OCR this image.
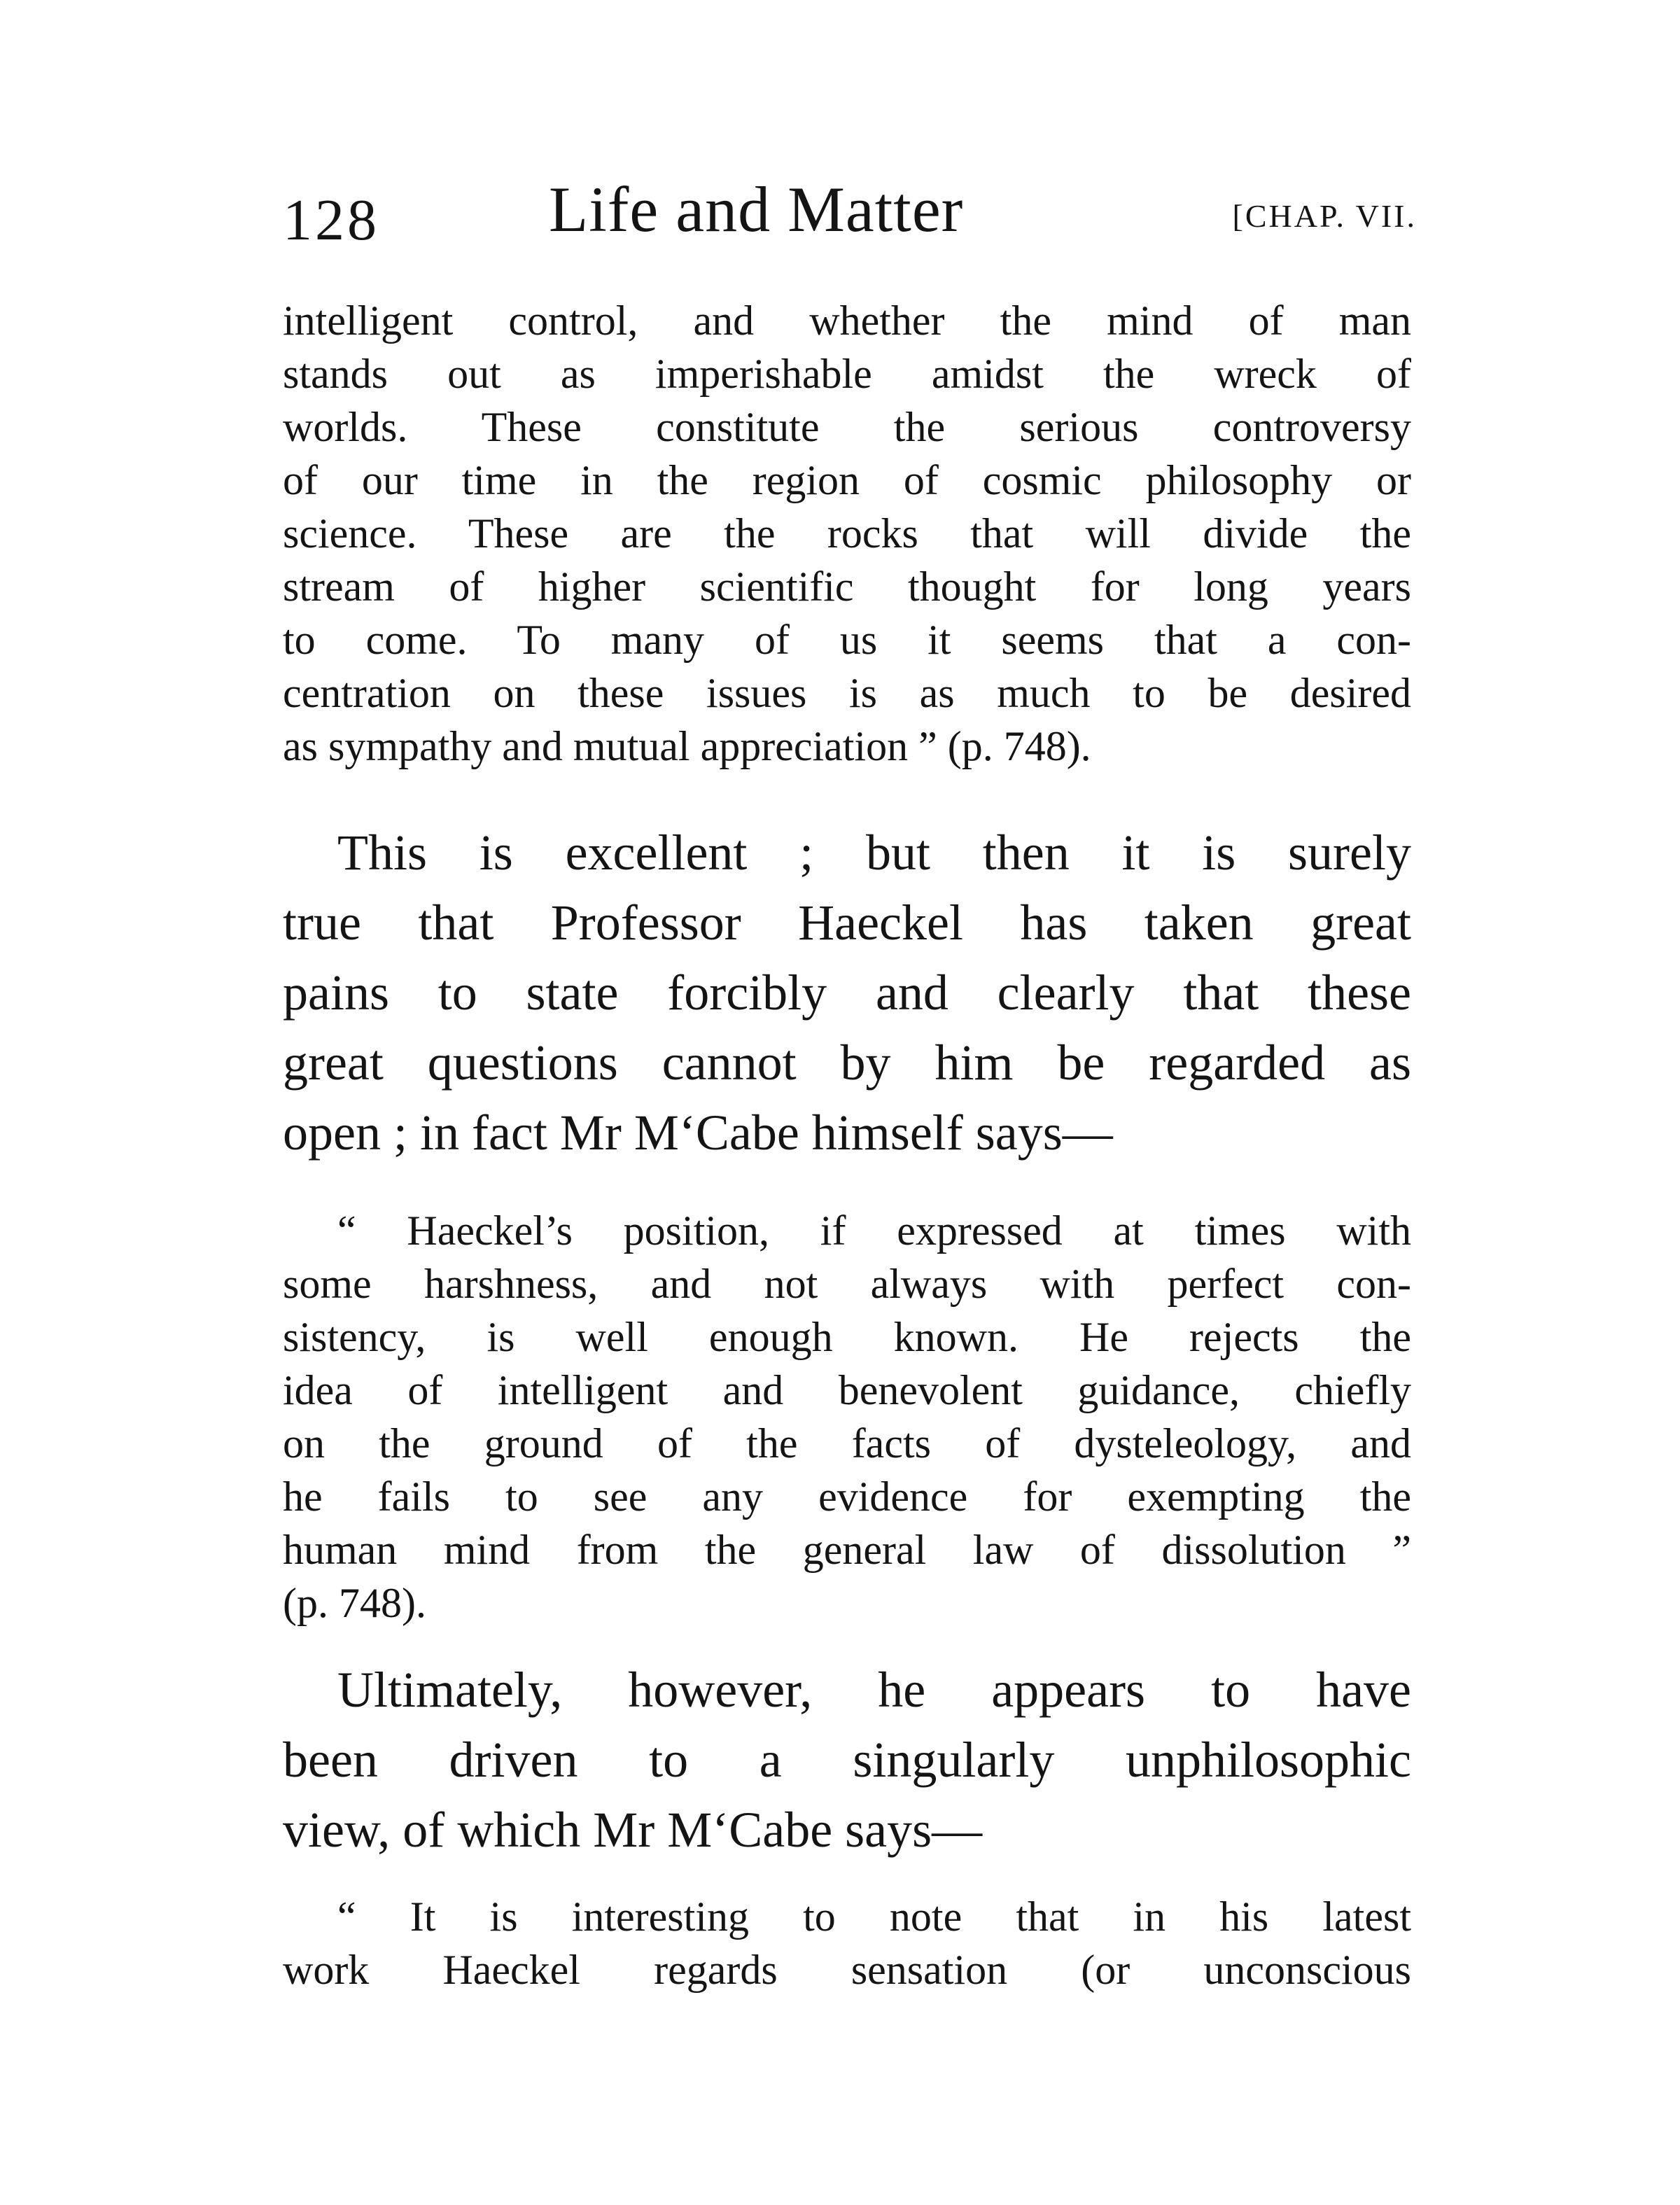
128	Life and Matter	[CHAP. VII.
intelligent control, and whether the mind of man
stands out as imperishable amidst the wreck of
worlds. These constitute the serious controversy
of our time in the region of cosmic philosophy or
science. These are the rocks that will divide the
stream of higher scientific thought for long years
to come. To many of us it seems that a con-
centration on these issues is as much to be desired
as sympathy and mutual appreciation ” (p. 748).
This is excellent ; but then it is surely
true that Professor Haeckel has taken great
pains to state forcibly and clearly that these
great questions cannot by him be regarded as
open ; in fact Mr M‘Cabe himself says—
“ Haeckel’s position, if expressed at times with
some harshness, and not always with perfect con-
sistency, is well enough known. He rejects the
idea of intelligent and benevolent guidance, chiefly
on the ground of the facts of dysteleology, and
he fails to see any evidence for exempting the
human mind from the general law of dissolution ”
(p. 748).
Ultimately, however, he appears to have
been driven to a singularly unphilosophic
view, of which Mr M‘Cabe says—
“ It is interesting to note that in his latest
work Haeckel regards sensation (or unconscious
